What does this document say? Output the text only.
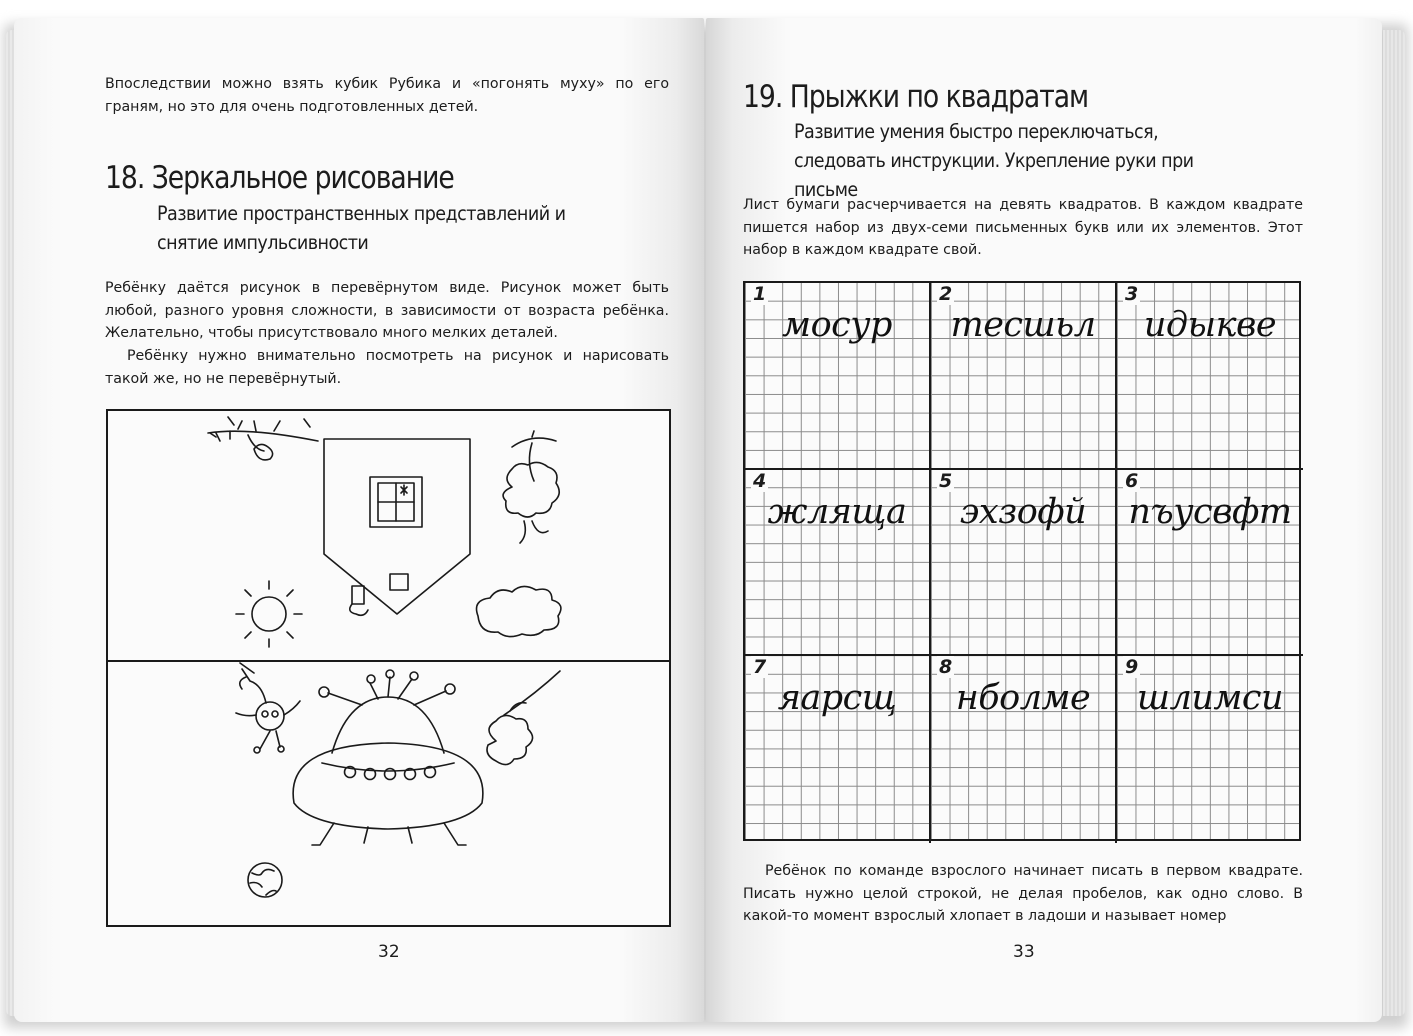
Впоследствии можно взять кубик Рубика и «погонять муху» по его граням, но это для очень подготовленных детей.

18. Зеркальное рисование

Развитие пространственных представлений и снятие импульсивности

Ребёнку даётся рисунок в перевёрнутом виде. Рисунок может быть любой, разного уровня сложности, в зависимости от возраста ребёнка. Желательно, чтобы присутствовало много мелких деталей.

Ребёнку нужно внимательно посмотреть на рисунок и нарисовать такой же, но не перевёрнутый.

32
19. Прыжки по квадратам

Развитие умения быстро переключаться, следовать инструкции. Укрепление руки при письме

Лист бумаги расчерчивается на девять квадратов. В каждом квадрате пишется набор из двух-семи письменных букв или их элементов. Этот набор в каждом квадрате свой.

1
мосур
2
тесшьл
3
идыкве
4
жляща
5
эхзофй
6
пъусвфт
7
яарсщ
8
нболме
9
шлимси

Ребёнок по команде взрослого начинает писать в первом квадрате. Писать нужно целой строкой, не делая пробелов, как одно слово. В какой-то момент взрослый хлопает в ладоши и называет номер

33
